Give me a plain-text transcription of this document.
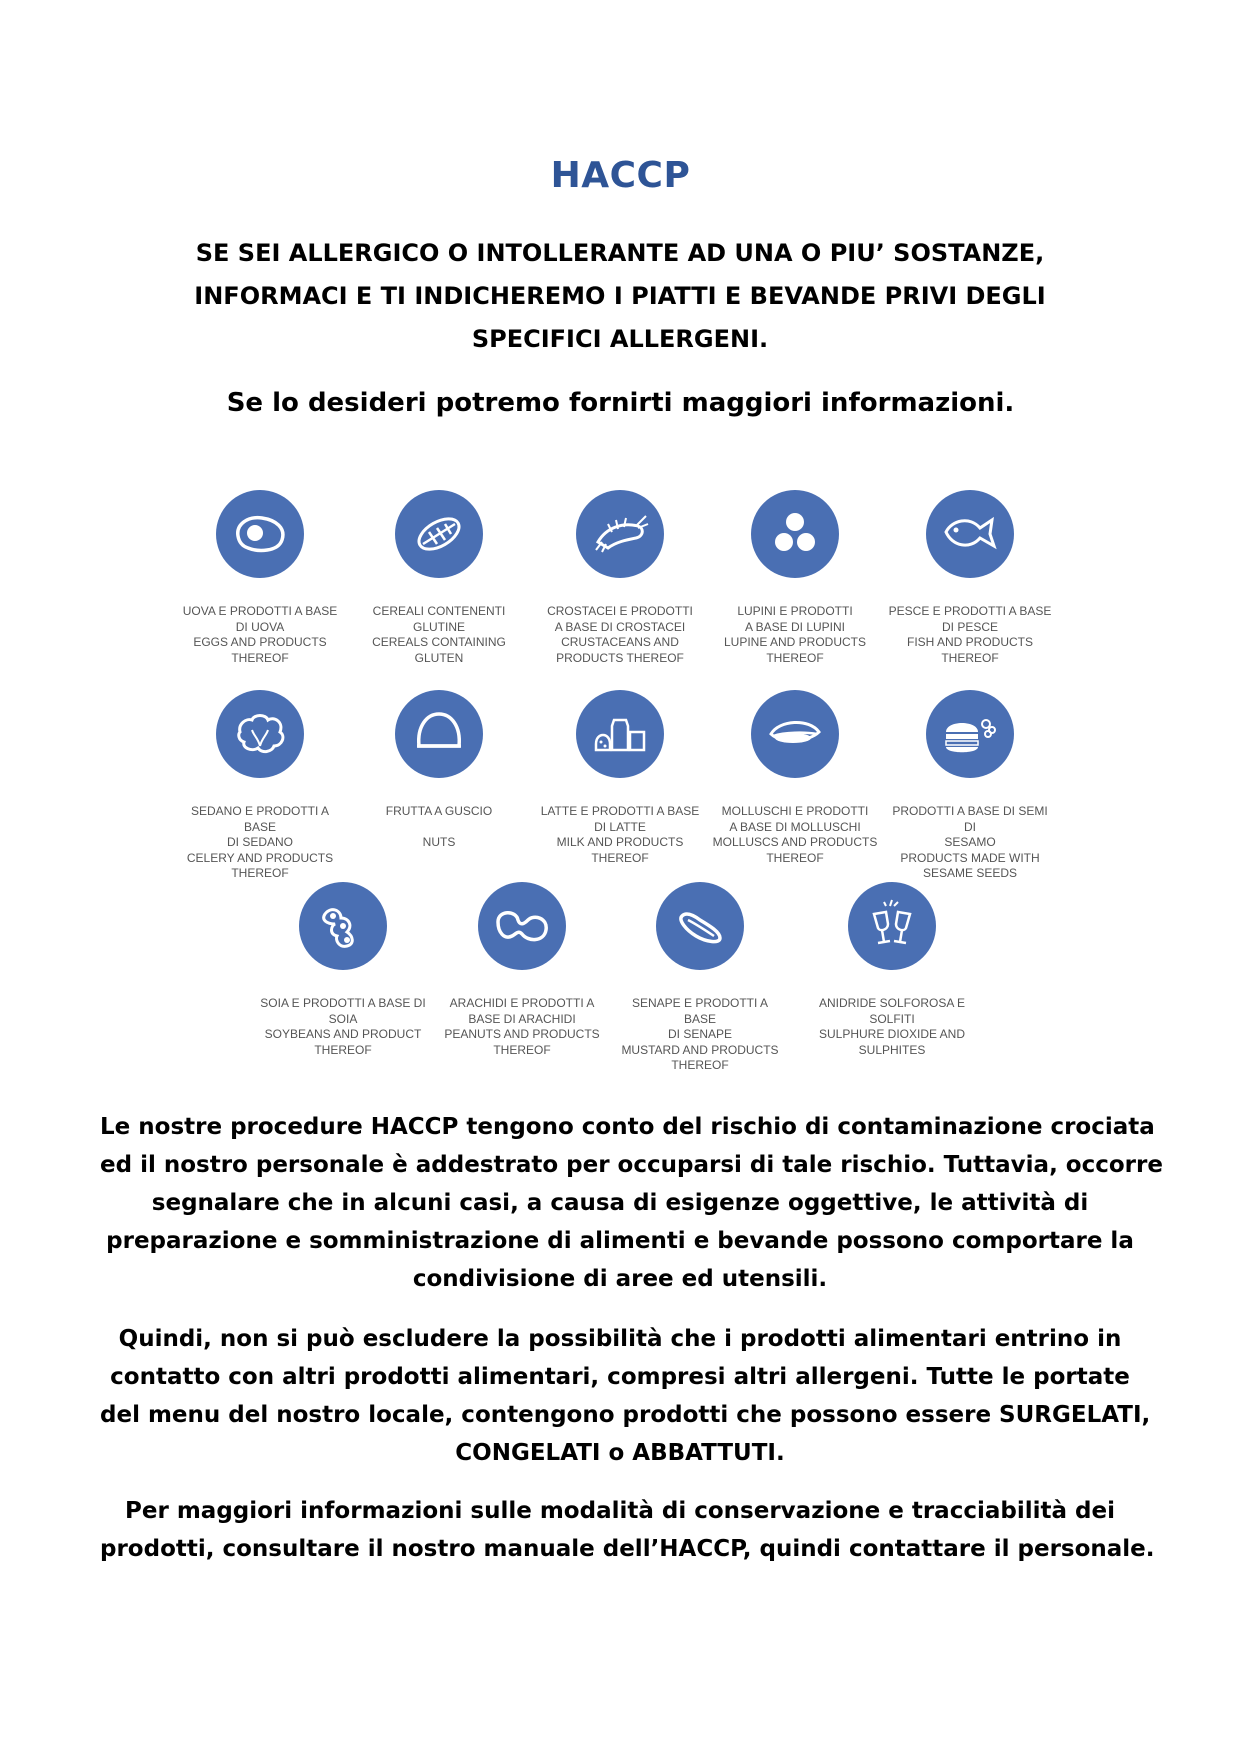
HACCP
SE SEI ALLERGICO O INTOLLERANTE AD UNA O PIU’ SOSTANZE,
INFORMACI E TI INDICHEREMO I PIATTI E BEVANDE PRIVI DEGLI
SPECIFICI ALLERGENI.
Se lo desideri potremo fornirti maggiori informazioni.
UOVA E PRODOTTI A BASE
DI UOVA
EGGS AND PRODUCTS
THEREOF
CEREALI CONTENENTI
GLUTINE
CEREALS CONTAINING
GLUTEN
CROSTACEI E PRODOTTI
A BASE DI CROSTACEI
CRUSTACEANS AND
PRODUCTS THEREOF
LUPINI E PRODOTTI
A BASE DI LUPINI
LUPINE AND PRODUCTS
THEREOF
PESCE E PRODOTTI A BASE
DI PESCE
FISH AND PRODUCTS
THEREOF
SEDANO E PRODOTTI A BASE
DI SEDANO
CELERY AND PRODUCTS
THEREOF
FRUTTA A GUSCIO
NUTS
LATTE E PRODOTTI A BASE
DI LATTE
MILK AND PRODUCTS
THEREOF
MOLLUSCHI E PRODOTTI
A BASE DI MOLLUSCHI
MOLLUSCS AND PRODUCTS
THEREOF
PRODOTTI A BASE DI SEMI DI
SESAMO
PRODUCTS MADE WITH
SESAME SEEDS
SOIA E PRODOTTI A BASE DI
SOIA
SOYBEANS AND PRODUCT
THEREOF
ARACHIDI E PRODOTTI A
BASE DI ARACHIDI
PEANUTS AND PRODUCTS
THEREOF
SENAPE E PRODOTTI A BASE
DI SENAPE
MUSTARD AND PRODUCTS
THEREOF
ANIDRIDE SOLFOROSA E
SOLFITI
SULPHURE DIOXIDE AND
SULPHITES

Le nostre procedure HACCP tengono conto del rischio di contaminazione crociata
ed il nostro personale è addestrato per occuparsi di tale rischio. Tuttavia, occorre
segnalare che in alcuni casi, a causa di esigenze oggettive, le attività di
preparazione e somministrazione di alimenti e bevande possono comportare la
condivisione di aree ed utensili.

Quindi, non si può escludere la possibilità che i prodotti alimentari entrino in
contatto con altri prodotti alimentari, compresi altri allergeni. Tutte le portate
del menu del nostro locale, contengono prodotti che possono essere SURGELATI,
CONGELATI o ABBATTUTI.

Per maggiori informazioni sulle modalità di conservazione e tracciabilità dei
prodotti, consultare il nostro manuale dell’HACCP, quindi contattare il personale.
